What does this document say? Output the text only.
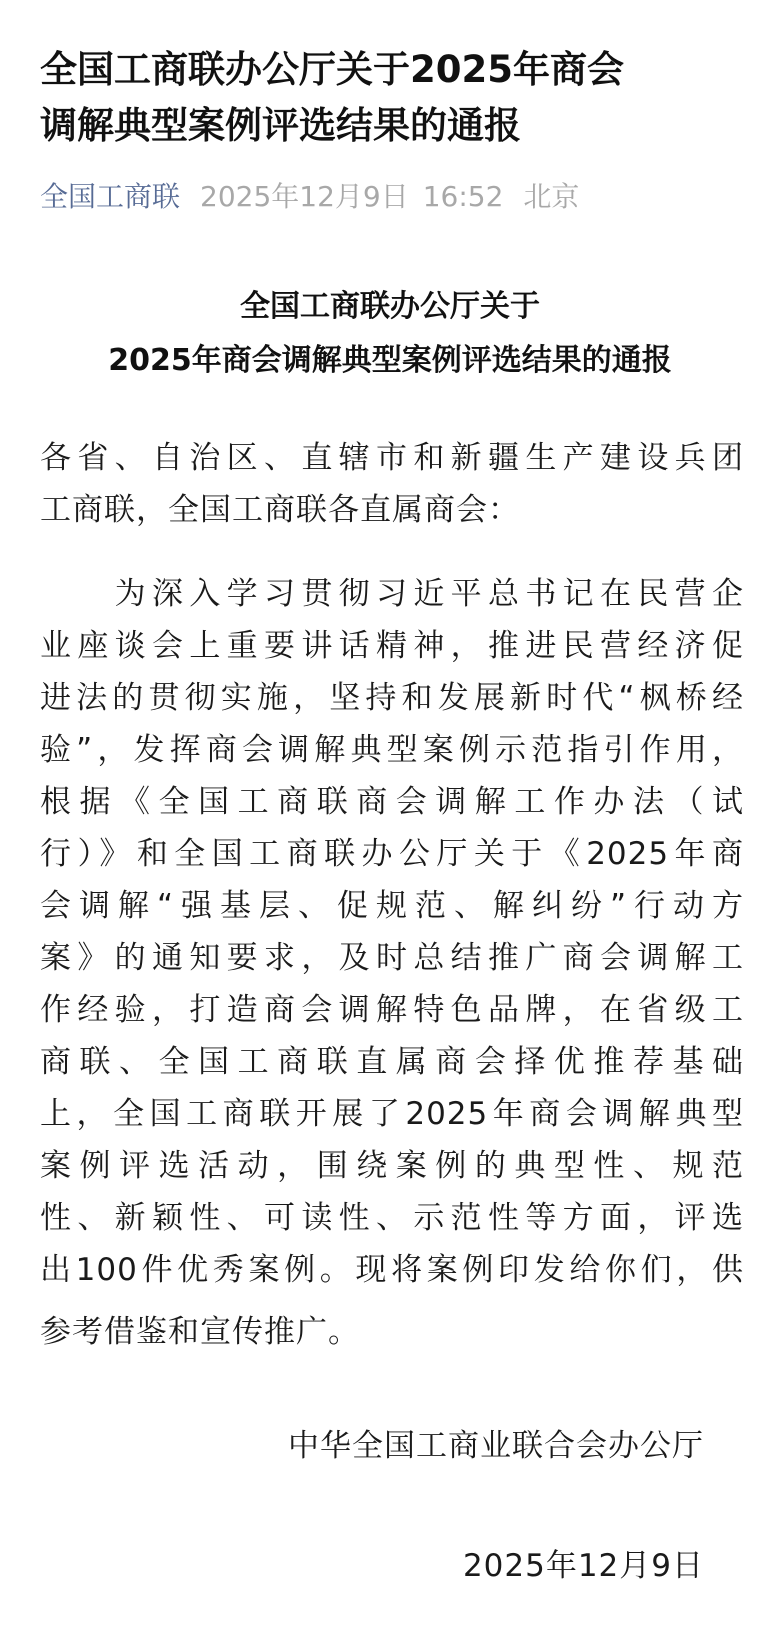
全国工商联办公厅关于2025年商会
调解典型案例评选结果的通报
全国工商联 2025年12月9日 16:52 北京
全国工商联办公厅关于
2025年商会调解典型案例评选结果的通报
各省、自治区、直辖市和新疆生产建设兵团
工商联，全国工商联各直属商会：
　　为深入学习贯彻习近平总书记在民营企
业座谈会上重要讲话精神，推进民营经济促
进法的贯彻实施，坚持和发展新时代“枫桥经
验”，发挥商会调解典型案例示范指引作用，
根据《全国工商联商会调解工作办法（试
行）》和全国工商联办公厅关于《2025年商
会调解“强基层、促规范、解纠纷”行动方
案》的通知要求，及时总结推广商会调解工
作经验，打造商会调解特色品牌，在省级工
商联、全国工商联直属商会择优推荐基础
上，全国工商联开展了2025年商会调解典型
案例评选活动，围绕案例的典型性、规范
性、新颖性、可读性、示范性等方面，评选
出100件优秀案例。现将案例印发给你们，供
参考借鉴和宣传推广。
中华全国工商业联合会办公厅
2025年12月9日
